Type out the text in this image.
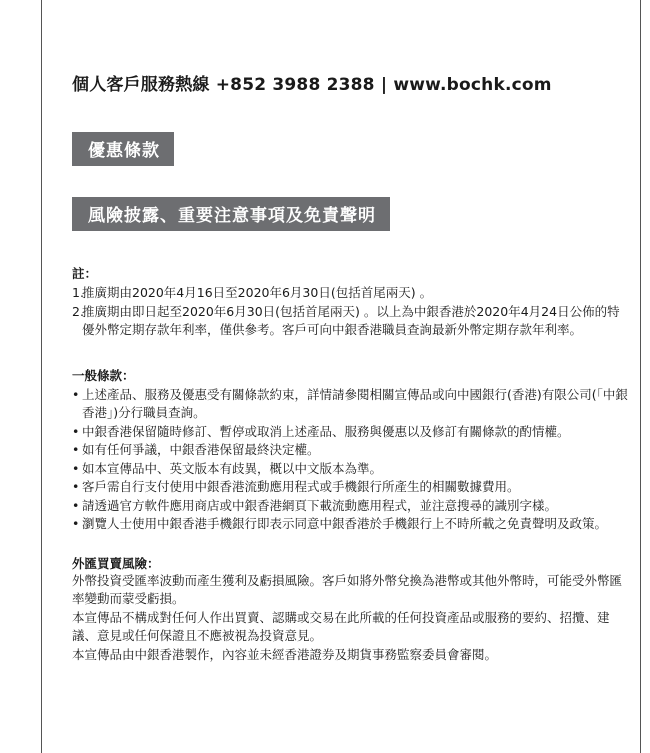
個人客戶服務熱線 +852 3988 2388 | www.bochk.com

優惠條款
風險披露、重要注意事項及免責聲明

註：

1.
推廣期由2020年4月16日至2020年6月30日(包括首尾兩天) 。
2.
推廣期由即日起至2020年6月30日(包括首尾兩天) 。以上為中銀香港於2020年4月24日公佈的特優外幣定期存款年利率，僅供參考。客戶可向中銀香港職員查詢最新外幣定期存款年利率。

一般條款：

• 上述產品、服務及優惠受有關條款約束，詳情請參閱相關宣傳品或向中國銀行(香港)有限公司(「中銀香港」)分行職員查詢。
• 中銀香港保留隨時修訂、暫停或取消上述產品、服務與優惠以及修訂有關條款的酌情權。
• 如有任何爭議，中銀香港保留最終決定權。
• 如本宣傳品中、英文版本有歧異，概以中文版本為準。
• 客戶需自行支付使用中銀香港流動應用程式或手機銀行所產生的相關數據費用。
• 請透過官方軟件應用商店或中銀香港網頁下載流動應用程式，並注意搜尋的識別字樣。
• 瀏覽人士使用中銀香港手機銀行即表示同意中銀香港於手機銀行上不時所載之免責聲明及政策。

外匯買賣風險：

外幣投資受匯率波動而產生獲利及虧損風險。客戶如將外幣兌換為港幣或其他外幣時，可能受外幣匯率變動而蒙受虧損。

本宣傳品不構成對任何人作出買賣、認購或交易在此所載的任何投資產品或服務的要約、招攬、建議、意見或任何保證且不應被視為投資意見。

本宣傳品由中銀香港製作，內容並未經香港證券及期貨事務監察委員會審閱。
